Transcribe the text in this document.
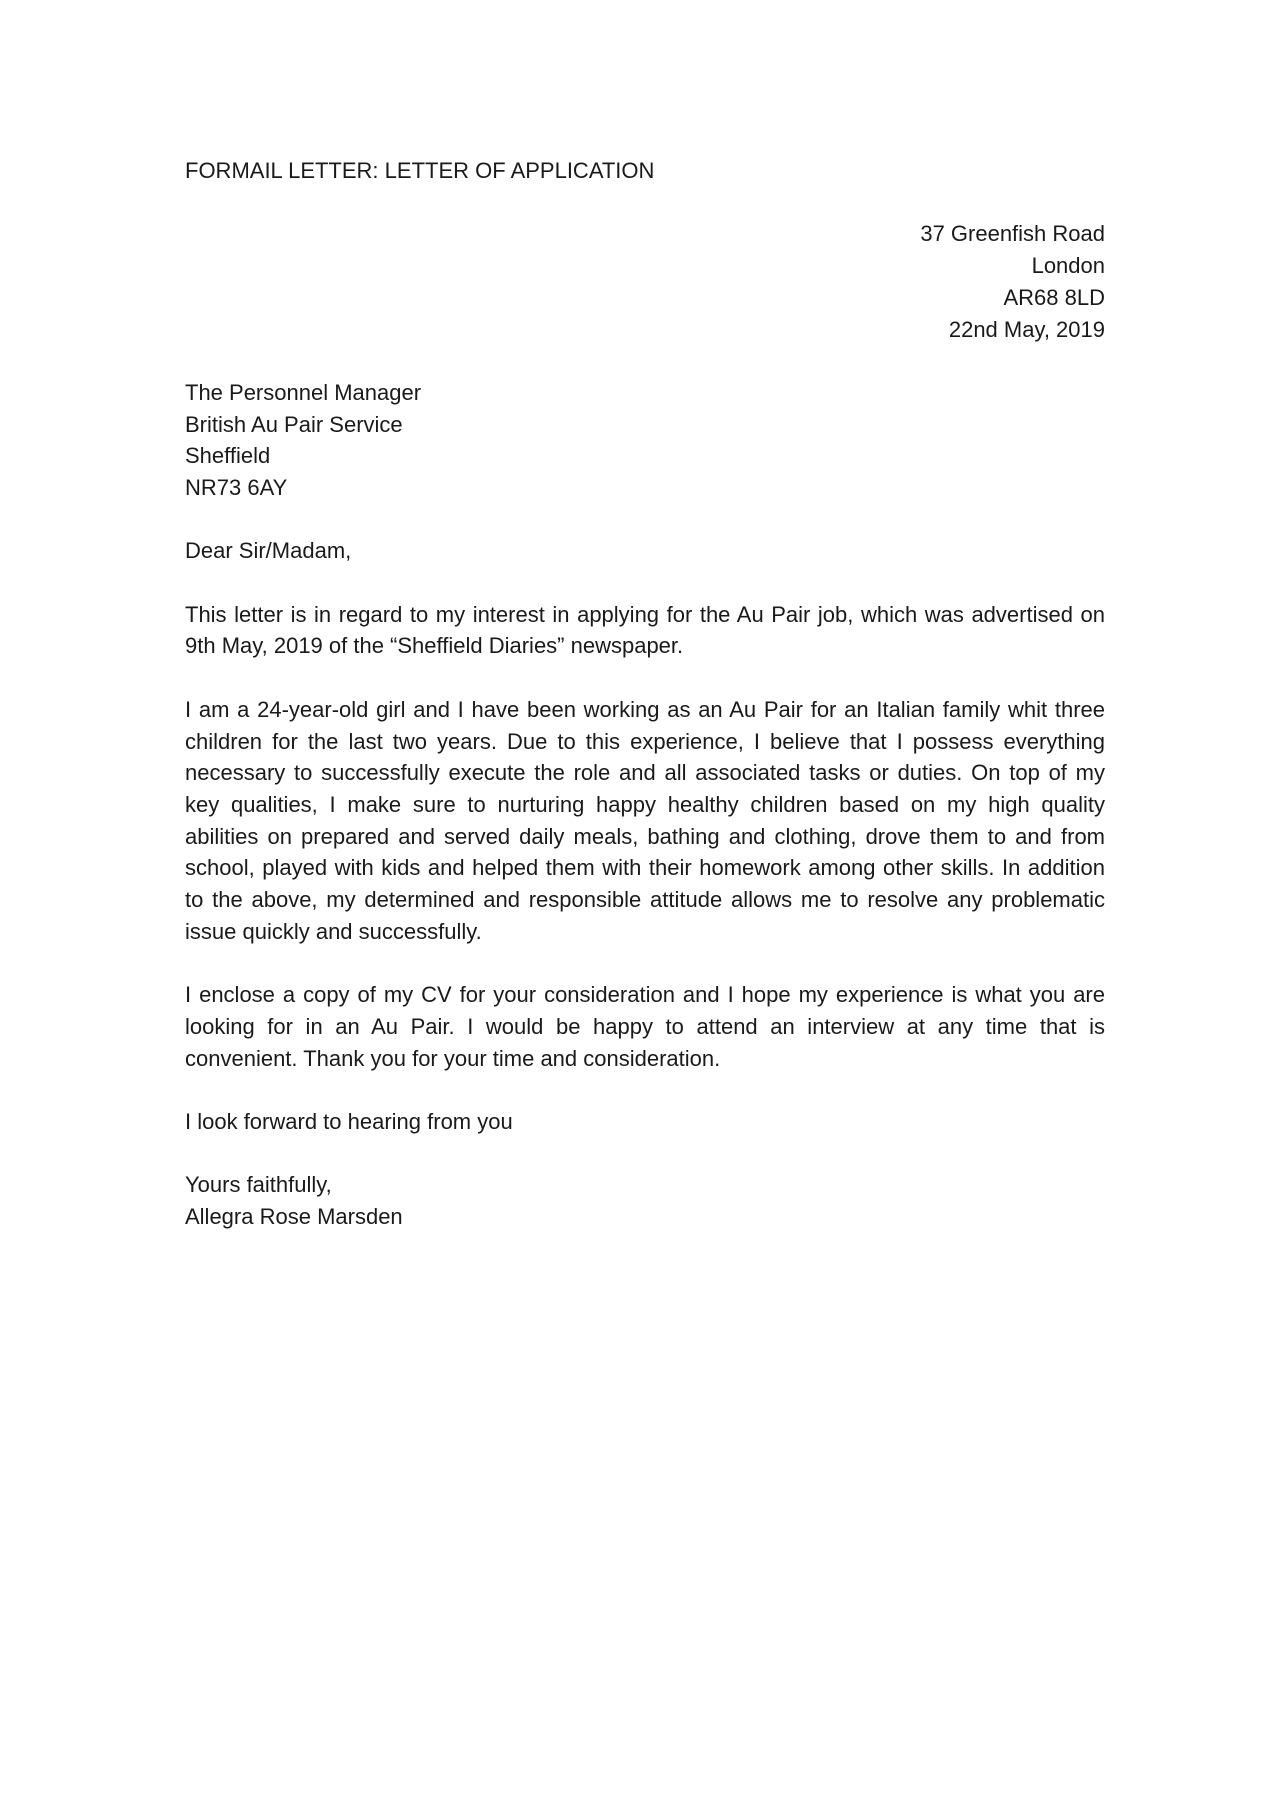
FORMAIL LETTER: LETTER OF APPLICATION
37 Greenfish Road
London
AR68 8LD
22nd May, 2019
The Personnel Manager
British Au Pair Service
Sheffield
NR73 6AY
Dear Sir/Madam,

This letter is in regard to my interest in applying for the Au Pair job, which was advertised on 9th May, 2019 of the “Sheffield Diaries” newspaper.

I am a 24-year-old girl and I have been working as an Au Pair for an Italian family whit three children for the last two years. Due to this experience, I believe that I possess everything necessary to successfully execute the role and all associated tasks or duties. On top of my key qualities, I make sure to nurturing happy healthy children based on my high quality abilities on prepared and served daily meals, bathing and clothing, drove them to and from school, played with kids and helped them with their homework among other skills. In addition to the above, my determined and responsible attitude allows me to resolve any problematic issue quickly and successfully.

I enclose a copy of my CV for your consideration and I hope my experience is what you are looking for in an Au Pair. I would be happy to attend an interview at any time that is convenient. Thank you for your time and consideration.

I look forward to hearing from you
Yours faithfully,
Allegra Rose Marsden
